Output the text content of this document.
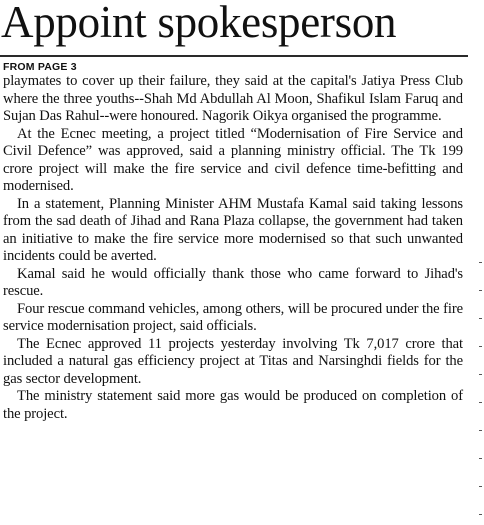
Appoint spokesperson
FROM PAGE 3

playmates to cover up their failure, they said at the capital's Jatiya Press Club where the three youths--Shah Md Abdullah Al Moon, Shafikul Islam Faruq and Sujan Das Rahul--were honoured. Nagorik Oikya organised the programme.

At the Ecnec meeting, a project titled “Modernisation of Fire Service and Civil Defence” was approved, said a planning ministry official. The Tk 199 crore project will make the fire service and civil defence time-befitting and modernised.

In a statement, Planning Minister AHM Mustafa Kamal said taking lessons from the sad death of Jihad and Rana Plaza collapse, the government had taken an initiative to make the fire service more modernised so that such unwanted incidents could be averted.

Kamal said he would officially thank those who came forward to Jihad's rescue.

Four rescue command vehicles, among others, will be procured under the fire service modernisation project, said officials.

The Ecnec approved 11 projects yesterday involving Tk 7,017 crore that included a natural gas efficiency project at Titas and Narsinghdi fields for the gas sector development.

The ministry statement said more gas would be produced on completion of the project.
